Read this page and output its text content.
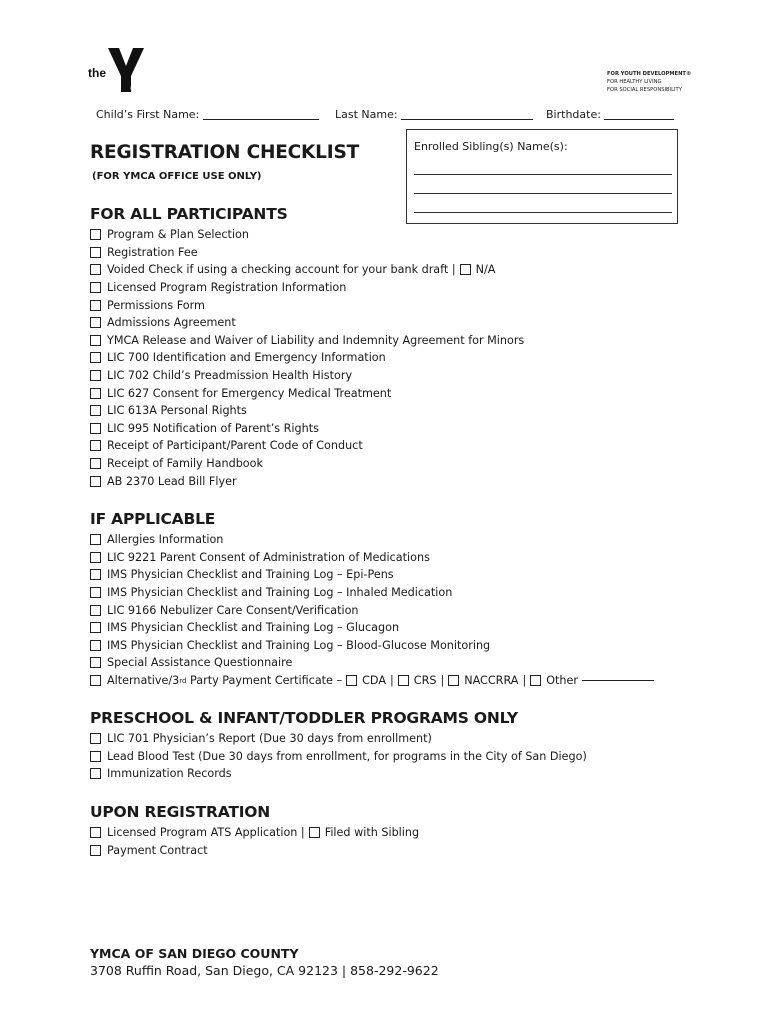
the
YMCA
FOR YOUTH DEVELOPMENT®
FOR HEALTHY LIVING
FOR SOCIAL RESPONSIBILITY
Child’s First Name:	Last Name:	Birthdate:
Enrolled Sibling(s) Name(s):
REGISTRATION CHECKLIST
(FOR YMCA OFFICE USE ONLY)
FOR ALL PARTICIPANTS
Program & Plan Selection
Registration Fee
Voided Check if using a checking account for your bank draft | N/A
Licensed Program Registration Information
Permissions Form
Admissions Agreement
YMCA Release and Waiver of Liability and Indemnity Agreement for Minors
LIC 700 Identification and Emergency Information
LIC 702 Child’s Preadmission Health History
LIC 627 Consent for Emergency Medical Treatment
LIC 613A Personal Rights
LIC 995 Notification of Parent’s Rights
Receipt of Participant/Parent Code of Conduct
Receipt of Family Handbook
AB 2370 Lead Bill Flyer
IF APPLICABLE
Allergies Information
LIC 9221 Parent Consent of Administration of Medications
IMS Physician Checklist and Training Log – Epi-Pens
IMS Physician Checklist and Training Log – Inhaled Medication
LIC 9166 Nebulizer Care Consent/Verification
IMS Physician Checklist and Training Log – Glucagon
IMS Physician Checklist and Training Log – Blood-Glucose Monitoring
Special Assistance Questionnaire
Alternative/3 rd
Party Payment Certificate – CDA | CRS | NACCRRA | Other
PRESCHOOL & INFANT/TODDLER PROGRAMS ONLY
LIC 701 Physician’s Report (Due 30 days from enrollment)
Lead Blood Test (Due 30 days from enrollment, for programs in the City of San Diego)
Immunization Records
UPON REGISTRATION
Licensed Program ATS Application | Filed with Sibling
Payment Contract
YMCA OF SAN DIEGO COUNTY
3708 Ruffin Road, San Diego, CA 92123 | 858-292-9622
